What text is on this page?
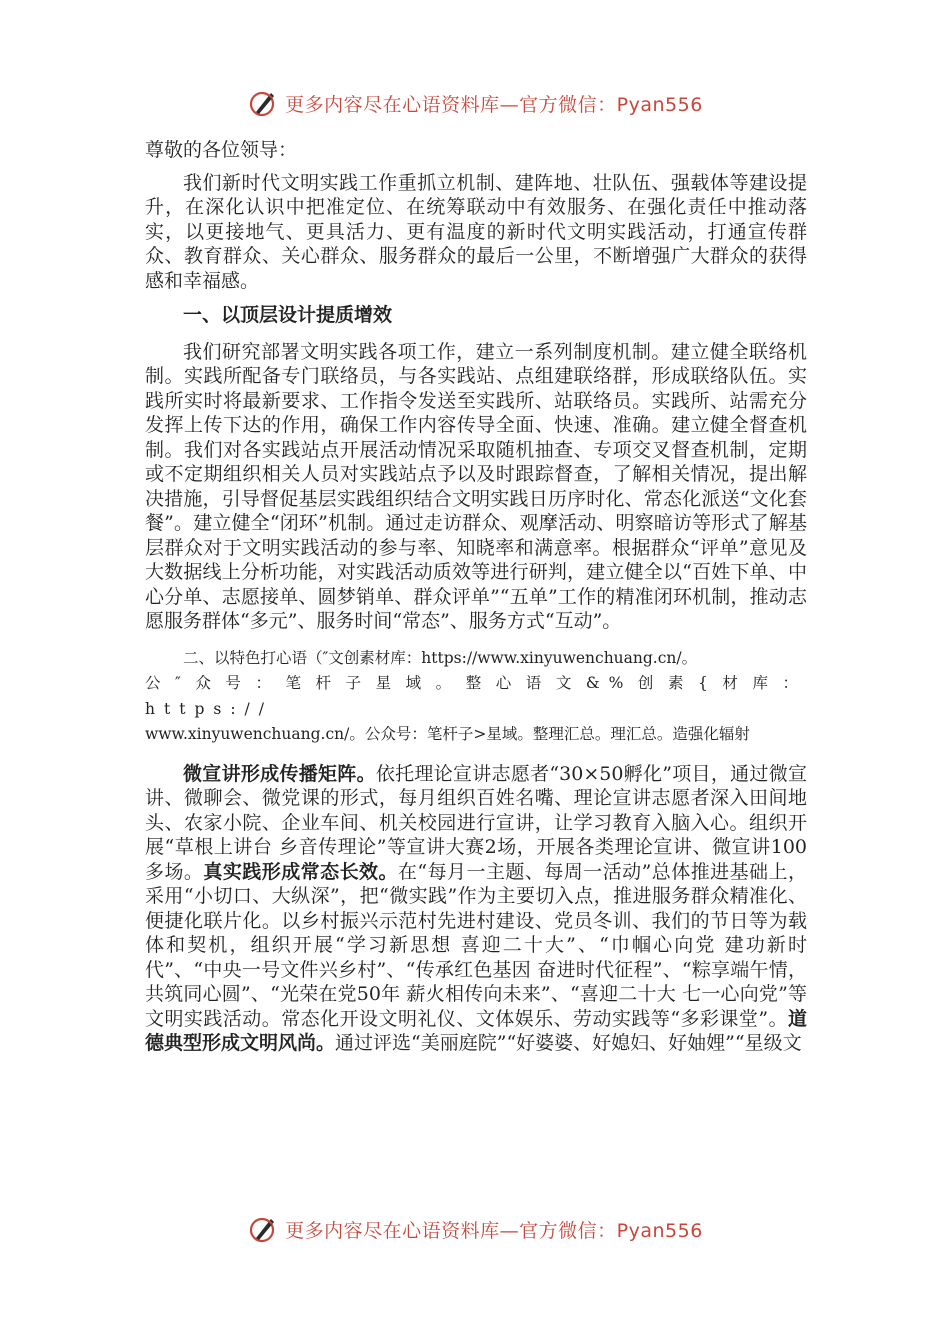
更多内容尽在心语资料库—官方微信：Pyan556

尊敬的各位领导：

我们新时代文明实践工作重抓立机制、建阵地、壮队伍、强载体等建设提升，在深化认识中把准定位、在统筹联动中有效服务、在强化责任中推动落实，以更接地气、更具活力、更有温度的新时代文明实践活动，打通宣传群众、教育群众、关心群众、服务群众的最后一公里，不断增强广大群众的获得感和幸福感。

一、以顶层设计提质增效

我们研究部署文明实践各项工作，建立一系列制度机制。建立健全联络机制。实践所配备专门联络员，与各实践站、点组建联络群，形成联络队伍。实践所实时将最新要求、工作指令发送至实践所、站联络员。实践所、站需充分发挥上传下达的作用，确保工作内容传导全面、快速、准确。建立健全督查机制。我们对各实践站点开展活动情况采取随机抽查、专项交叉督查机制，定期或不定期组织相关人员对实践站点予以及时跟踪督查，了解相关情况，提出解决措施，引导督促基层实践组织结合文明实践日历序时化、常态化派送“文化套餐”。建立健全“闭环”机制。通过走访群众、观摩活动、明察暗访等形式了解基层群众对于文明实践活动的参与率、知晓率和满意率。根据群众“评单”意见及大数据线上分析功能，对实践活动质效等进行研判，建立健全以“百姓下单、中心分单、志愿接单、圆梦销单、群众评单”“五单”工作的精准闭环机制，推动志愿服务群体“多元”、服务时间“常态”、服务方式“互动”。

二、以特色打心语（″文创素材库：https://www.xinyuwenchuang.cn/。

公″众号：笔杆子星域。整心语文&%创素{材库：https://

www.xinyuwenchuang.cn/。公众号：笔杆子>星域。整理汇总。理汇总。造强化辐射

微宣讲形成传播矩阵。依托理论宣讲志愿者“30×50孵化”项目，通过微宣讲、微聊会、微党课的形式，每月组织百姓名嘴、理论宣讲志愿者深入田间地头、农家小院、企业车间、机关校园进行宣讲，让学习教育入脑入心。组织开展“草根上讲台 乡音传理论”等宣讲大赛2场，开展各类理论宣讲、微宣讲100多场。真实践形成常态长效。在“每月一主题、每周一活动”总体推进基础上，采用“小切口、大纵深”，把“微实践”作为主要切入点，推进服务群众精准化、便捷化联片化。以乡村振兴示范村先进村建设、党员冬训、我们的节日等为载体和契机，组织开展“学习新思想 喜迎二十大”、“巾帼心向党 建功新时代”、“中央一号文件兴乡村”、“传承红色基因 奋进时代征程”、“粽享端午情，共筑同心圆”、“光荣在党50年 薪火相传向未来”、“喜迎二十大 七一心向党”等文明实践活动。常态化开设文明礼仪、文体娱乐、劳动实践等“多彩课堂”。道德典型形成文明风尚。通过评选“美丽庭院”“好婆婆、好媳妇、好妯娌”“星级文

更多内容尽在心语资料库—官方微信：Pyan556
